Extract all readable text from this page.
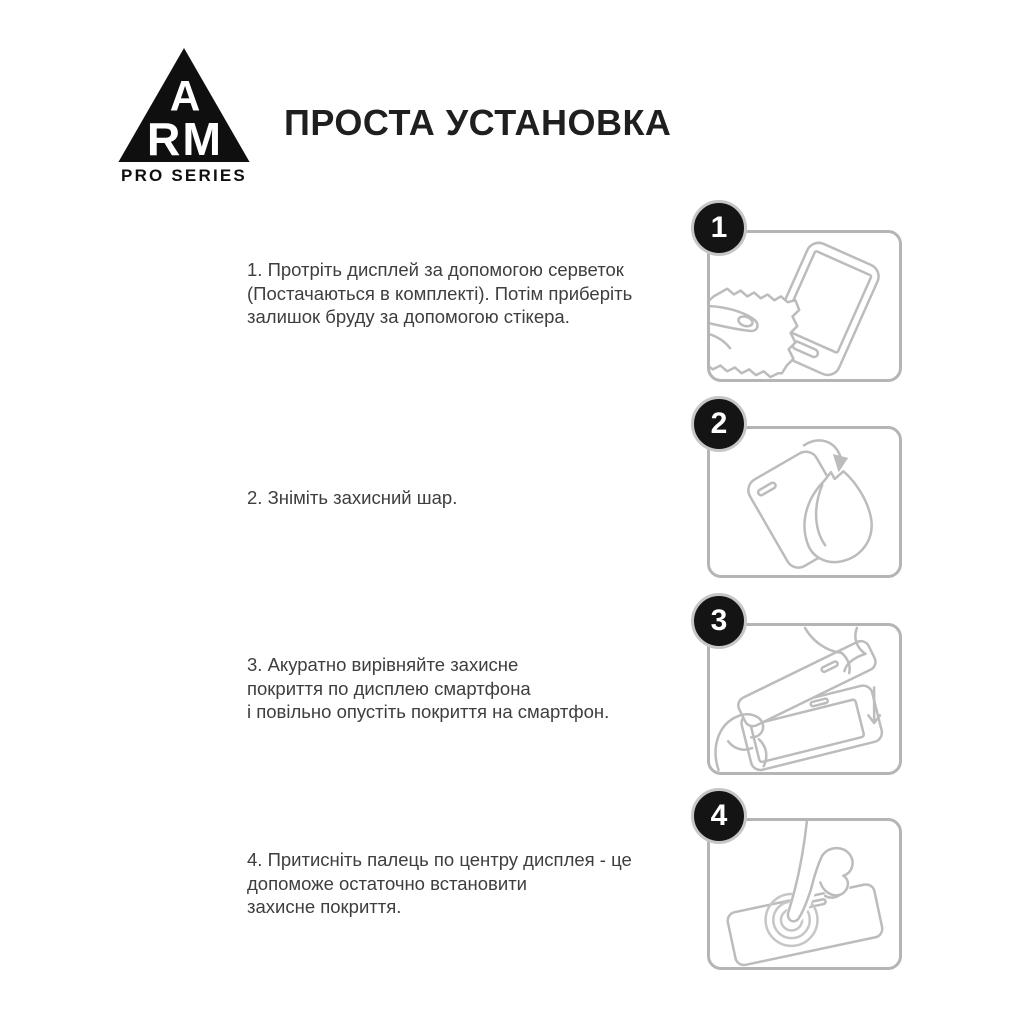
A
RM
PRO SERIES
ПРОСТА УСТАНОВКА
1. Протріть дисплей за допомогою серветок
(Постачаються в комплекті). Потім приберіть
залишок бруду за допомогою стікера.
2. Зніміть захисний шар.
3. Акуратно вирівняйте захисне
покриття по дисплею смартфона
і повільно опустіть покриття на смартфон.
4. Притисніть палець по центру дисплея - це
допоможе остаточно встановити
захисне покриття.
1
2
3
4
